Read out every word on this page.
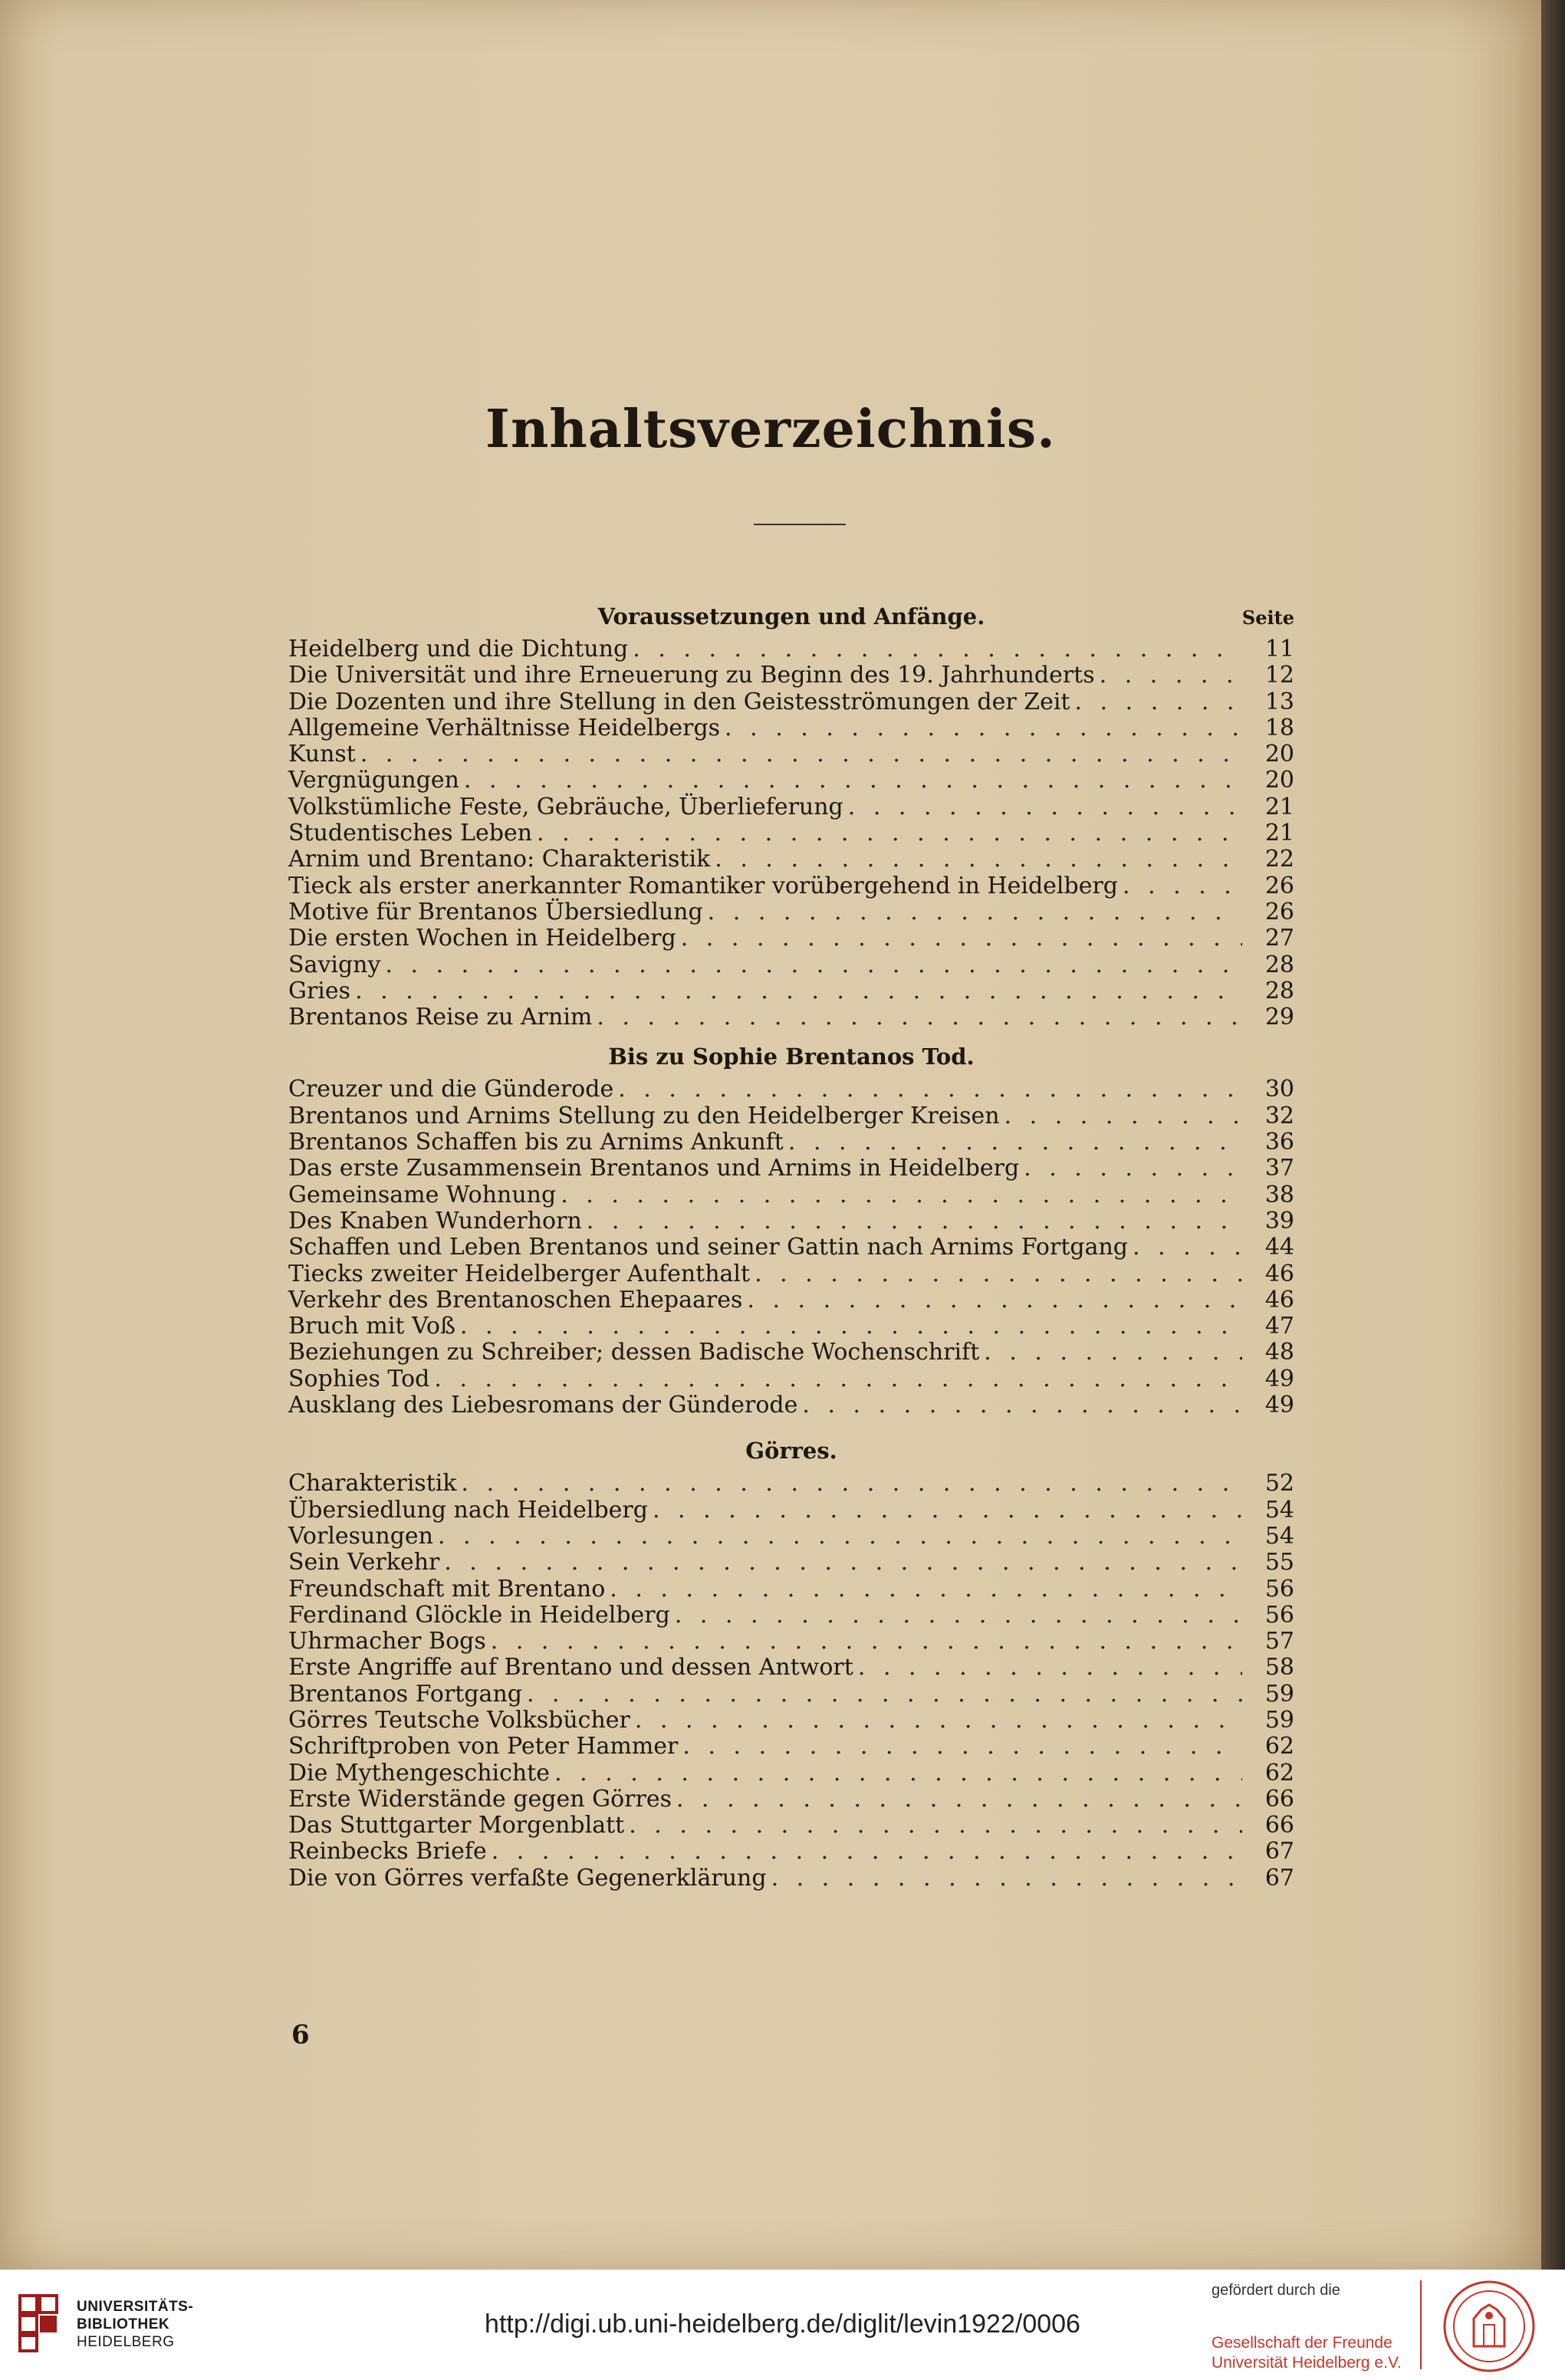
Inhaltsverzeichnis.
Voraussetzungen und Anfänge.	Seite
Heidelberg und die Dichtung . . .	11
Die Universität und ihre Erneuerung zu Beginn des 19. Jahrhunderts . . .	12
Die Dozenten und ihre Stellung in den Geistesströmungen der Zeit . . .	13
Allgemeine Verhältnisse Heidelbergs . . .	18
Kunst . . .	20
Vergnügungen . . .	20
Volkstümliche Feste, Gebräuche, Überlieferung . . .	21
Studentisches Leben . . .	21
Arnim und Brentano: Charakteristik . . .	22
Tieck als erster anerkannter Romantiker vorübergehend in Heidelberg . . .	26
Motive für Brentanos Übersiedlung . . .	26
Die ersten Wochen in Heidelberg . . .	27
Savigny . . .	28
Gries . . .	28
Brentanos Reise zu Arnim . . .	29
Bis zu Sophie Brentanos Tod.
Creuzer und die Günderode . . .	30
Brentanos und Arnims Stellung zu den Heidelberger Kreisen . . .	32
Brentanos Schaffen bis zu Arnims Ankunft . . .	36
Das erste Zusammensein Brentanos und Arnims in Heidelberg . . .	37
Gemeinsame Wohnung . . .	38
Des Knaben Wunderhorn . . .	39
Schaffen und Leben Brentanos und seiner Gattin nach Arnims Fortgang . . .	44
Tiecks zweiter Heidelberger Aufenthalt . . .	46
Verkehr des Brentanoschen Ehepaares . . .	46
Bruch mit Voß . . .	47
Beziehungen zu Schreiber; dessen Badische Wochenschrift . . .	48
Sophies Tod . . .	49
Ausklang des Liebesromans der Günderode . . .	49
Görres.
Charakteristik . . .	52
Übersiedlung nach Heidelberg . . .	54
Vorlesungen . . .	54
Sein Verkehr . . .	55
Freundschaft mit Brentano . . .	56
Ferdinand Glöckle in Heidelberg . . .	56
Uhrmacher Bogs . . .	57
Erste Angriffe auf Brentano und dessen Antwort . . .	58
Brentanos Fortgang . . .	59
Görres Teutsche Volksbücher . . .	59
Schriftproben von Peter Hammer . . .	62
Die Mythengeschichte . . .	62
Erste Widerstände gegen Görres . . .	66
Das Stuttgarter Morgenblatt . . .	66
Reinbecks Briefe . . .	67
Die von Görres verfaßte Gegenerklärung . . .	67
6
UNIVERSITÄTS-
BIBLIOTHEK
HEIDELBERG
http://digi.ub.uni-heidelberg.de/diglit/levin1922/0006
gefördert durch die
Gesellschaft der Freunde
Universität Heidelberg e.V.
